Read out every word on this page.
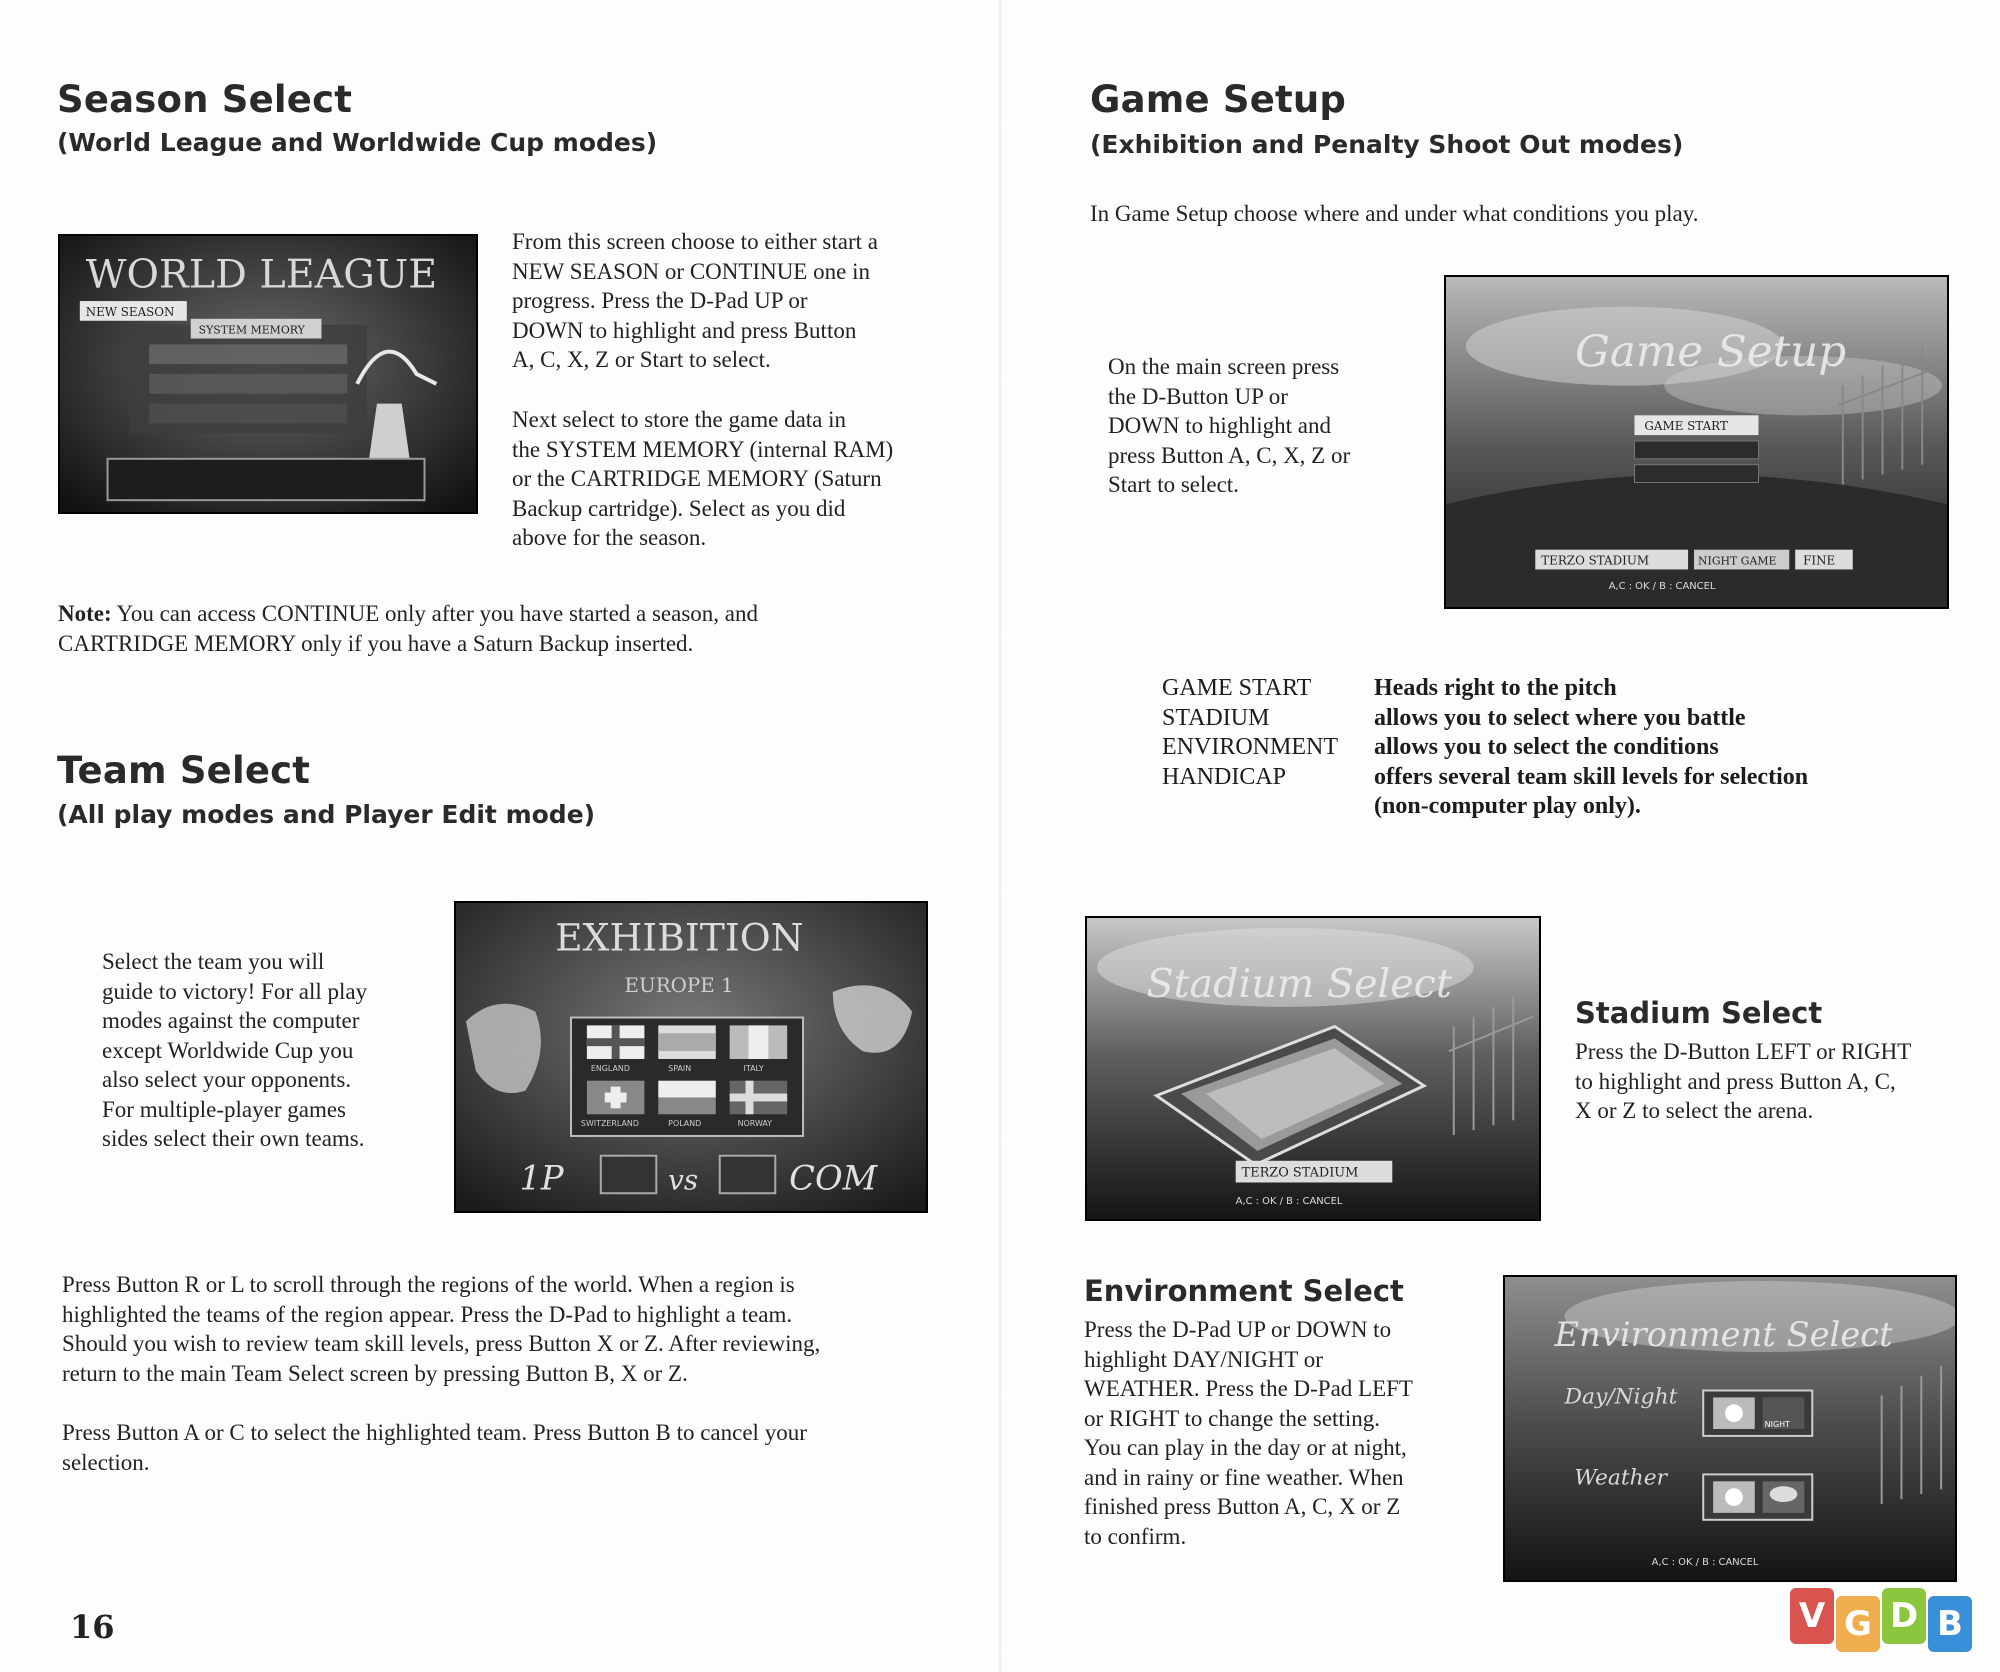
Season Select
(World League and Worldwide Cup modes)
WORLD LEAGUE
NEW SEASON
SYSTEM MEMORY
From this screen choose to either start a
NEW SEASON or CONTINUE one in
progress. Press the D-Pad UP or
DOWN to highlight and press Button
A, C, X, Z or Start to select.
Next select to store the game data in
the SYSTEM MEMORY (internal RAM)
or the CARTRIDGE MEMORY (Saturn
Backup cartridge). Select as you did
above for the season.
Note: You can access CONTINUE only after you have started a season, and
CARTRIDGE MEMORY only if you have a Saturn Backup inserted.
Team Select
(All play modes and Player Edit mode)
Select the team you will
guide to victory! For all play
modes against the computer
except Worldwide Cup you
also select your opponents.
For multiple-player games
sides select their own teams.
EXHIBITION
EUROPE 1
ENGLAND	SPAIN	ITALY
SWITZERLAND	POLAND	NORWAY
1P	vs	COM
Press Button R or L to scroll through the regions of the world. When a region is
highlighted the teams of the region appear. Press the D-Pad to highlight a team.
Should you wish to review team skill levels, press Button X or Z. After reviewing,
return to the main Team Select screen by pressing Button B, X or Z.
Press Button A or C to select the highlighted team. Press Button B to cancel your
selection.
16
Game Setup
(Exhibition and Penalty Shoot Out modes)
In Game Setup choose where and under what conditions you play.
On the main screen press
the D-Button UP or
DOWN to highlight and
press Button A, C, X, Z or
Start to select.
Game Setup
GAME START
TERZO STADIUM	NIGHT GAME FINE
A,C : OK / B : CANCEL
GAME START	Heads right to the pitch
STADIUM	allows you to select where you battle
ENVIRONMENT	allows you to select the conditions
HANDICAP	offers several team skill levels for selection
(non-computer play only).
Stadium Select
TERZO STADIUM
A,C : OK / B : CANCEL
Stadium Select
Press the D-Button LEFT or RIGHT
to highlight and press Button A, C,
X or Z to select the arena.
Environment Select
Press the D-Pad UP or DOWN to
highlight DAY/NIGHT or
WEATHER. Press the D-Pad LEFT
or RIGHT to change the setting.
You can play in the day or at night,
and in rainy or fine weather. When
finished press Button A, C, X or Z
to confirm.
Environment Select
Day/Night
NIGHT
Weather
A,C : OK / B : CANCEL
V G D B
